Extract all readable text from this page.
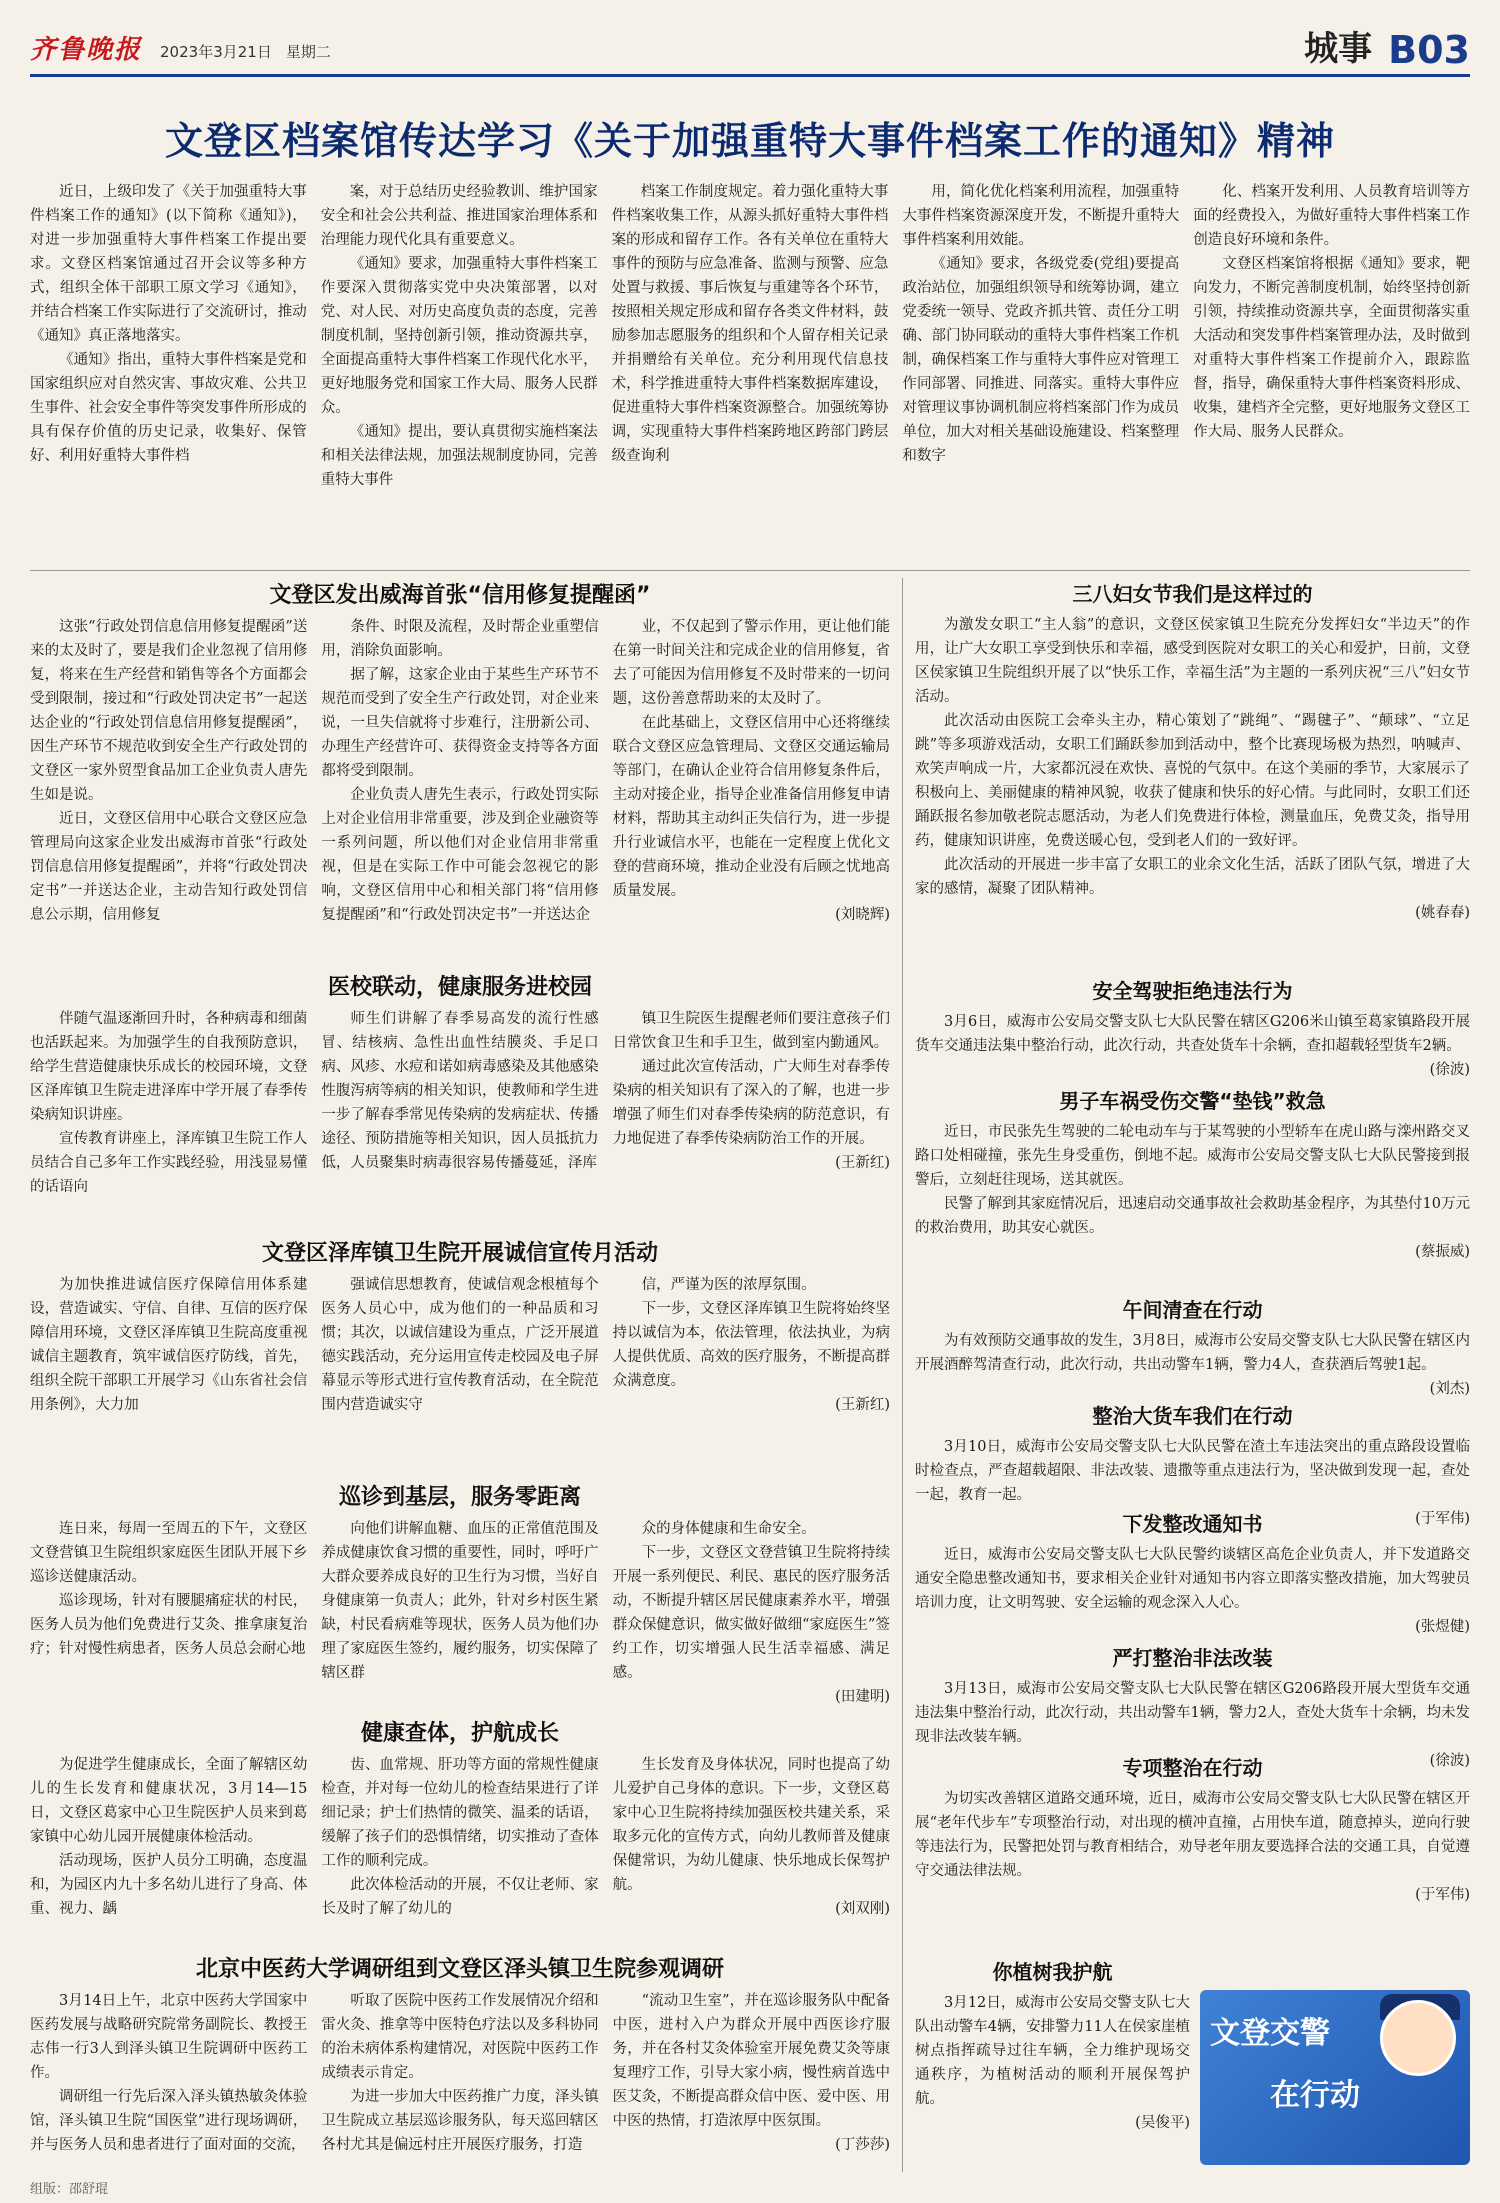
齐鲁晚报 2023年3月21日 星期二	城事 B03
文登区档案馆传达学习《关于加强重特大事件档案工作的通知》精神

近日，上级印发了《关于加强重特大事件档案工作的通知》(以下简称《通知》)，对进一步加强重特大事件档案工作提出要求。文登区档案馆通过召开会议等多种方式，组织全体干部职工原文学习《通知》，并结合档案工作实际进行了交流研讨，推动《通知》真正落地落实。

《通知》指出，重特大事件档案是党和国家组织应对自然灾害、事故灾难、公共卫生事件、社会安全事件等突发事件所形成的具有保存价值的历史记录，收集好、保管好、利用好重特大事件档

案，对于总结历史经验教训、维护国家安全和社会公共利益、推进国家治理体系和治理能力现代化具有重要意义。

《通知》要求，加强重特大事件档案工作要深入贯彻落实党中央决策部署，以对党、对人民、对历史高度负责的态度，完善制度机制，坚持创新引领，推动资源共享，全面提高重特大事件档案工作现代化水平，更好地服务党和国家工作大局、服务人民群众。

《通知》提出，要认真贯彻实施档案法和相关法律法规，加强法规制度协同，完善重特大事件

档案工作制度规定。着力强化重特大事件档案收集工作，从源头抓好重特大事件档案的形成和留存工作。各有关单位在重特大事件的预防与应急准备、监测与预警、应急处置与救援、事后恢复与重建等各个环节，按照相关规定形成和留存各类文件材料，鼓励参加志愿服务的组织和个人留存相关记录并捐赠给有关单位。充分利用现代信息技术，科学推进重特大事件档案数据库建设，促进重特大事件档案资源整合。加强统筹协调，实现重特大事件档案跨地区跨部门跨层级查询利

用，简化优化档案利用流程，加强重特大事件档案资源深度开发，不断提升重特大事件档案利用效能。

《通知》要求，各级党委(党组)要提高政治站位，加强组织领导和统筹协调，建立党委统一领导、党政齐抓共管、责任分工明确、部门协同联动的重特大事件档案工作机制，确保档案工作与重特大事件应对管理工作同部署、同推进、同落实。重特大事件应对管理议事协调机制应将档案部门作为成员单位，加大对相关基础设施建设、档案整理和数字

化、档案开发利用、人员教育培训等方面的经费投入，为做好重特大事件档案工作创造良好环境和条件。

文登区档案馆将根据《通知》要求，靶向发力，不断完善制度机制，始终坚持创新引领，持续推动资源共享，全面贯彻落实重大活动和突发事件档案管理办法，及时做到对重特大事件档案工作提前介入，跟踪监督，指导，确保重特大事件档案资料形成、收集，建档齐全完整，更好地服务文登区工作大局、服务人民群众。

文登区发出威海首张“信用修复提醒函”

这张“行政处罚信息信用修复提醒函”送来的太及时了，要是我们企业忽视了信用修复，将来在生产经营和销售等各个方面都会受到限制，接过和“行政处罚决定书”一起送达企业的“行政处罚信息信用修复提醒函”，因生产环节不规范收到安全生产行政处罚的文登区一家外贸型食品加工企业负责人唐先生如是说。

近日，文登区信用中心联合文登区应急管理局向这家企业发出威海市首张“行政处罚信息信用修复提醒函”，并将“行政处罚决定书”一并送达企业，主动告知行政处罚信息公示期，信用修复

条件、时限及流程，及时帮企业重塑信用，消除负面影响。

据了解，这家企业由于某些生产环节不规范而受到了安全生产行政处罚，对企业来说，一旦失信就将寸步难行，注册新公司、办理生产经营许可、获得资金支持等各方面都将受到限制。

企业负责人唐先生表示，行政处罚实际上对企业信用非常重要，涉及到企业融资等一系列问题，所以他们对企业信用非常重视，但是在实际工作中可能会忽视它的影响，文登区信用中心和相关部门将“信用修复提醒函”和“行政处罚决定书”一并送达企

业，不仅起到了警示作用，更让他们能在第一时间关注和完成企业的信用修复，省去了可能因为信用修复不及时带来的一切问题，这份善意帮助来的太及时了。

在此基础上，文登区信用中心还将继续联合文登区应急管理局、文登区交通运输局等部门，在确认企业符合信用修复条件后，主动对接企业，指导企业准备信用修复申请材料，帮助其主动纠正失信行为，进一步提升行业诚信水平，也能在一定程度上优化文登的营商环境，推动企业没有后顾之忧地高质量发展。

(刘晓辉)

医校联动，健康服务进校园

伴随气温逐渐回升时，各种病毒和细菌也活跃起来。为加强学生的自我预防意识，给学生营造健康快乐成长的校园环境，文登区泽库镇卫生院走进泽库中学开展了春季传染病知识讲座。

宣传教育讲座上，泽库镇卫生院工作人员结合自己多年工作实践经验，用浅显易懂的话语向

师生们讲解了春季易高发的流行性感冒、结核病、急性出血性结膜炎、手足口病、风疹、水痘和诺如病毒感染及其他感染性腹泻病等病的相关知识，使教师和学生进一步了解春季常见传染病的发病症状、传播途径、预防措施等相关知识，因人员抵抗力低，人员聚集时病毒很容易传播蔓延，泽库

镇卫生院医生提醒老师们要注意孩子们日常饮食卫生和手卫生，做到室内勤通风。

通过此次宣传活动，广大师生对春季传染病的相关知识有了深入的了解，也进一步增强了师生们对春季传染病的防范意识，有力地促进了春季传染病防治工作的开展。

(王新红)

文登区泽库镇卫生院开展诚信宣传月活动

为加快推进诚信医疗保障信用体系建设，营造诚实、守信、自律、互信的医疗保障信用环境，文登区泽库镇卫生院高度重视诚信主题教育，筑牢诚信医疗防线，首先，组织全院干部职工开展学习《山东省社会信用条例》，大力加

强诚信思想教育，使诚信观念根植每个医务人员心中，成为他们的一种品质和习惯；其次，以诚信建设为重点，广泛开展道德实践活动，充分运用宣传走校园及电子屏幕显示等形式进行宣传教育活动，在全院范围内营造诚实守

信，严谨为医的浓厚氛围。

下一步，文登区泽库镇卫生院将始终坚持以诚信为本，依法管理，依法执业，为病人提供优质、高效的医疗服务，不断提高群众满意度。

(王新红)

巡诊到基层，服务零距离

连日来，每周一至周五的下午，文登区文登营镇卫生院组织家庭医生团队开展下乡巡诊送健康活动。

巡诊现场，针对有腰腿痛症状的村民，医务人员为他们免费进行艾灸、推拿康复治疗；针对慢性病患者，医务人员总会耐心地

向他们讲解血糖、血压的正常值范围及养成健康饮食习惯的重要性，同时，呼吁广大群众要养成良好的卫生行为习惯，当好自身健康第一负责人；此外，针对乡村医生紧缺，村民看病难等现状，医务人员为他们办理了家庭医生签约，履约服务，切实保障了辖区群

众的身体健康和生命安全。

下一步，文登区文登营镇卫生院将持续开展一系列便民、利民、惠民的医疗服务活动，不断提升辖区居民健康素养水平，增强群众保健意识，做实做好做细“家庭医生”签约工作，切实增强人民生活幸福感、满足感。

(田建明)

健康查体，护航成长

为促进学生健康成长，全面了解辖区幼儿的生长发育和健康状况，3月14—15日，文登区葛家中心卫生院医护人员来到葛家镇中心幼儿园开展健康体检活动。

活动现场，医护人员分工明确，态度温和，为园区内九十多名幼儿进行了身高、体重、视力、龋

齿、血常规、肝功等方面的常规性健康检查，并对每一位幼儿的检查结果进行了详细记录；护士们热情的微笑、温柔的话语，缓解了孩子们的恐惧情绪，切实推动了查体工作的顺利完成。

此次体检活动的开展，不仅让老师、家长及时了解了幼儿的

生长发育及身体状况，同时也提高了幼儿爱护自己身体的意识。下一步，文登区葛家中心卫生院将持续加强医校共建关系，采取多元化的宣传方式，向幼儿教师普及健康保健常识，为幼儿健康、快乐地成长保驾护航。

(刘双刚)

北京中医药大学调研组到文登区泽头镇卫生院参观调研

3月14日上午，北京中医药大学国家中医药发展与战略研究院常务副院长、教授王志伟一行3人到泽头镇卫生院调研中医药工作。

调研组一行先后深入泽头镇热敏灸体验馆，泽头镇卫生院“国医堂”进行现场调研，并与医务人员和患者进行了面对面的交流，

听取了医院中医药工作发展情况介绍和雷火灸、推拿等中医特色疗法以及多科协同的治未病体系构建情况，对医院中医药工作成绩表示肯定。

为进一步加大中医药推广力度，泽头镇卫生院成立基层巡诊服务队，每天巡回辖区各村尤其是偏远村庄开展医疗服务，打造

“流动卫生室”，并在巡诊服务队中配备中医，进村入户为群众开展中西医诊疗服务，并在各村艾灸体验室开展免费艾灸等康复理疗工作，引导大家小病，慢性病首选中医艾灸，不断提高群众信中医、爱中医、用中医的热情，打造浓厚中医氛围。

(丁莎莎)

三八妇女节我们是这样过的

为激发女职工“主人翁”的意识，文登区侯家镇卫生院充分发挥妇女“半边天”的作用，让广大女职工享受到快乐和幸福，感受到医院对女职工的关心和爱护，日前，文登区侯家镇卫生院组织开展了以“快乐工作，幸福生活”为主题的一系列庆祝“三八”妇女节活动。

此次活动由医院工会牵头主办，精心策划了“跳绳”、“踢毽子”、“颠球”、“立足跳”等多项游戏活动，女职工们踊跃参加到活动中，整个比赛现场极为热烈，呐喊声、欢笑声响成一片，大家都沉浸在欢快、喜悦的气氛中。在这个美丽的季节，大家展示了积极向上、美丽健康的精神风貌，收获了健康和快乐的好心情。与此同时，女职工们还踊跃报名参加敬老院志愿活动，为老人们免费进行体检，测量血压，免费艾灸，指导用药，健康知识讲座，免费送暖心包，受到老人们的一致好评。

此次活动的开展进一步丰富了女职工的业余文化生活，活跃了团队气氛，增进了大家的感情，凝聚了团队精神。

(姚春春)

安全驾驶拒绝违法行为

3月6日，威海市公安局交警支队七大队民警在辖区G206米山镇至葛家镇路段开展货车交通违法集中整治行动，此次行动，共查处货车十余辆，查扣超载轻型货车2辆。

(徐波)

男子车祸受伤交警“垫钱”救急

近日，市民张先生驾驶的二轮电动车与于某驾驶的小型轿车在虎山路与滦州路交叉路口处相碰撞，张先生身受重伤，倒地不起。威海市公安局交警支队七大队民警接到报警后，立刻赶往现场，送其就医。

民警了解到其家庭情况后，迅速启动交通事故社会救助基金程序，为其垫付10万元的救治费用，助其安心就医。

(蔡振威)

午间清查在行动

为有效预防交通事故的发生，3月8日，威海市公安局交警支队七大队民警在辖区内开展酒醉驾清查行动，此次行动，共出动警车1辆，警力4人，查获酒后驾驶1起。

(刘杰)

整治大货车我们在行动

3月10日，威海市公安局交警支队七大队民警在渣土车违法突出的重点路段设置临时检查点，严查超载超限、非法改装、遗撒等重点违法行为，坚决做到发现一起，查处一起，教育一起。

(于军伟)

下发整改通知书

近日，威海市公安局交警支队七大队民警约谈辖区高危企业负责人，并下发道路交通安全隐患整改通知书，要求相关企业针对通知书内容立即落实整改措施，加大驾驶员培训力度，让文明驾驶、安全运输的观念深入人心。

(张煜健)

严打整治非法改装

3月13日，威海市公安局交警支队七大队民警在辖区G206路段开展大型货车交通违法集中整治行动，此次行动，共出动警车1辆，警力2人，查处大货车十余辆，均未发现非法改装车辆。

(徐波)

专项整治在行动

为切实改善辖区道路交通环境，近日，威海市公安局交警支队七大队民警在辖区开展“老年代步车”专项整治行动，对出现的横冲直撞，占用快车道，随意掉头，逆向行驶等违法行为，民警把处罚与教育相结合，劝导老年朋友要选择合法的交通工具，自觉遵守交通法律法规。

(于军伟)

你植树我护航

3月12日，威海市公安局交警支队七大队出动警车4辆，安排警力11人在侯家崖植树点指挥疏导过往车辆，全力维护现场交通秩序，为植树活动的顺利开展保驾护航。

(吴俊平)

文登交警
在行动
组版：邵舒琨
